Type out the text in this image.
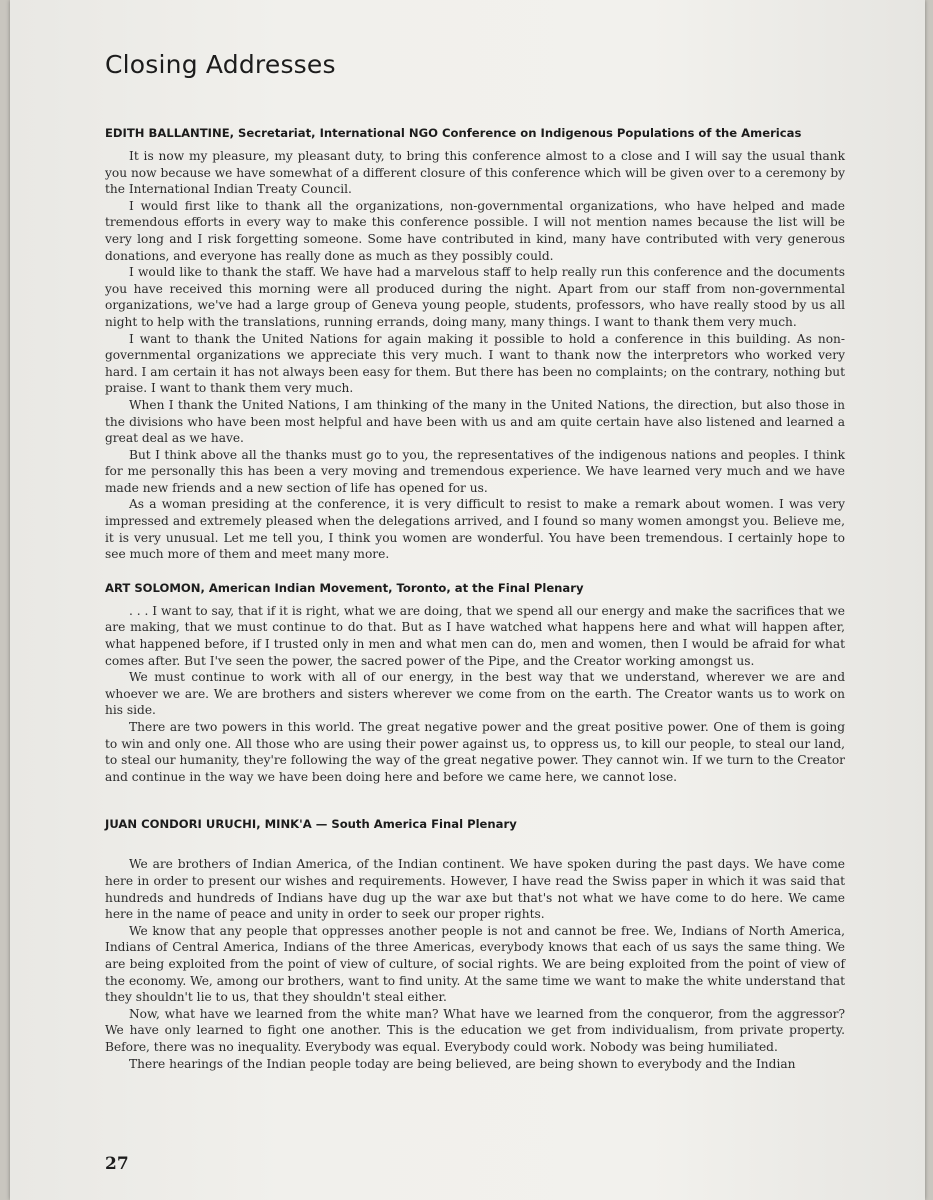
Closing Addresses

EDITH BALLANTINE, Secretariat, International NGO Conference on Indigenous Populations of the Americas

It is now my pleasure, my pleasant duty, to bring this conference almost to a close and I will say the usual thank you now because we have somewhat of a different closure of this conference which will be given over to a ceremony by the International Indian Treaty Council.

I would first like to thank all the organizations, non-governmental organizations, who have helped and made tremendous efforts in every way to make this conference possible. I will not mention names because the list will be very long and I risk forgetting someone. Some have contributed in kind, many have contributed with very generous donations, and everyone has really done as much as they possibly could.

I would like to thank the staff. We have had a marvelous staff to help really run this conference and the documents you have received this morning were all produced during the night. Apart from our staff from non-governmental organizations, we've had a large group of Geneva young people, students, professors, who have really stood by us all night to help with the translations, running errands, doing many, many things. I want to thank them very much.

I want to thank the United Nations for again making it possible to hold a conference in this building. As non-governmental organizations we appreciate this very much. I want to thank now the interpretors who worked very hard. I am certain it has not always been easy for them. But there has been no complaints; on the contrary, nothing but praise. I want to thank them very much.

When I thank the United Nations, I am thinking of the many in the United Nations, the direction, but also those in the divisions who have been most helpful and have been with us and am quite certain have also listened and learned a great deal as we have.

But I think above all the thanks must go to you, the representatives of the indigenous nations and peoples. I think for me personally this has been a very moving and tremendous experience. We have learned very much and we have made new friends and a new section of life has opened for us.

As a woman presiding at the conference, it is very difficult to resist to make a remark about women. I was very impressed and extremely pleased when the delegations arrived, and I found so many women amongst you. Believe me, it is very unusual. Let me tell you, I think you women are wonderful. You have been tremendous. I certainly hope to see much more of them and meet many more.

ART SOLOMON, American Indian Movement, Toronto, at the Final Plenary

. . . I want to say, that if it is right, what we are doing, that we spend all our energy and make the sacrifices that we are making, that we must continue to do that. But as I have watched what happens here and what will happen after, what happened before, if I trusted only in men and what men can do, men and women, then I would be afraid for what comes after. But I've seen the power, the sacred power of the Pipe, and the Creator working amongst us.

We must continue to work with all of our energy, in the best way that we understand, wherever we are and whoever we are. We are brothers and sisters wherever we come from on the earth. The Creator wants us to work on his side.

There are two powers in this world. The great negative power and the great positive power. One of them is going to win and only one. All those who are using their power against us, to oppress us, to kill our people, to steal our land, to steal our humanity, they're following the way of the great negative power. They cannot win. If we turn to the Creator and continue in the way we have been doing here and before we came here, we cannot lose.

JUAN CONDORI URUCHI, MINK'A — South America Final Plenary

We are brothers of Indian America, of the Indian continent. We have spoken during the past days. We have come here in order to present our wishes and requirements. However, I have read the Swiss paper in which it was said that hundreds and hundreds of Indians have dug up the war axe but that's not what we have come to do here. We came here in the name of peace and unity in order to seek our proper rights.

We know that any people that oppresses another people is not and cannot be free. We, Indians of North America, Indians of Central America, Indians of the three Americas, everybody knows that each of us says the same thing. We are being exploited from the point of view of culture, of social rights. We are being exploited from the point of view of the economy. We, among our brothers, want to find unity. At the same time we want to make the white understand that they shouldn't lie to us, that they shouldn't steal either.

Now, what have we learned from the white man? What have we learned from the conqueror, from the aggressor? We have only learned to fight one another. This is the education we get from individualism, from private property. Before, there was no inequality. Everybody was equal. Everybody could work. Nobody was being humiliated.

There hearings of the Indian people today are being believed, are being shown to everybody and the Indian

27
